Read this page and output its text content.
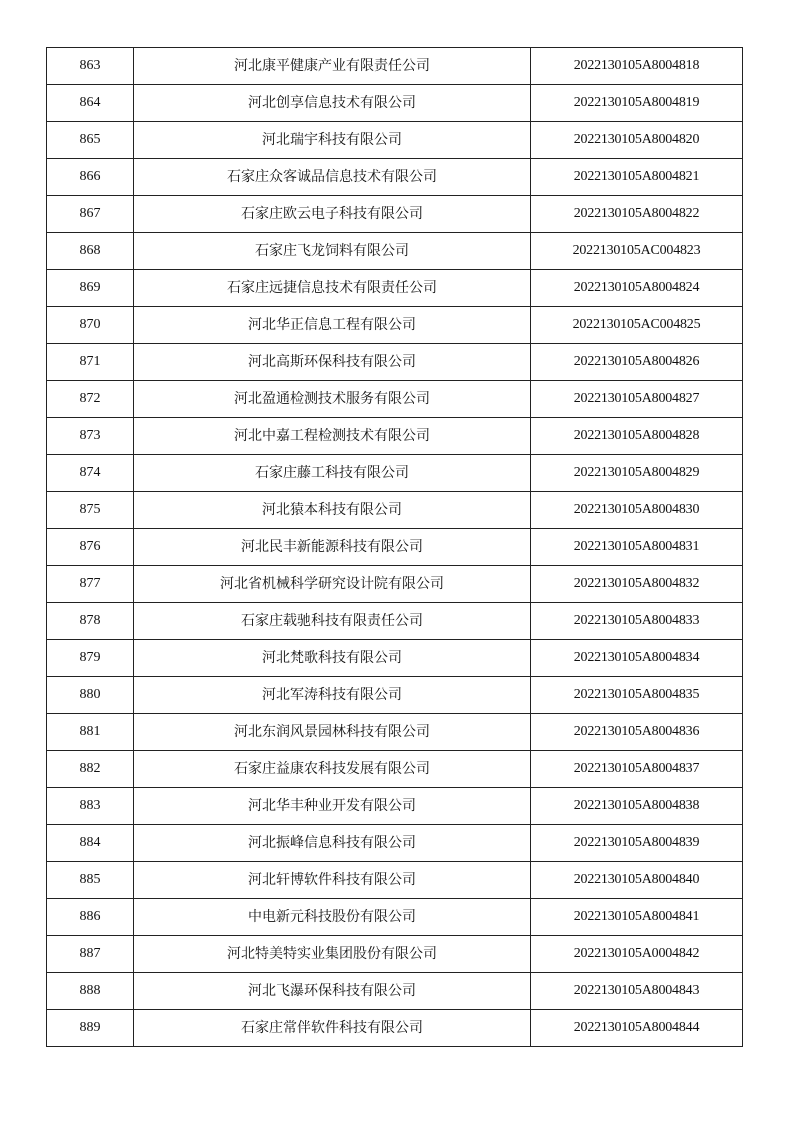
863	河北康平健康产业有限责任公司	2022130105A8004818
864	河北创享信息技术有限公司	2022130105A8004819
865	河北瑞宇科技有限公司	2022130105A8004820
866	石家庄众客诚品信息技术有限公司	2022130105A8004821
867	石家庄欧云电子科技有限公司	2022130105A8004822
868	石家庄飞龙饲料有限公司	2022130105AC004823
869	石家庄远捷信息技术有限责任公司	2022130105A8004824
870	河北华正信息工程有限公司	2022130105AC004825
871	河北高斯环保科技有限公司	2022130105A8004826
872	河北盈通检测技术服务有限公司	2022130105A8004827
873	河北中嘉工程检测技术有限公司	2022130105A8004828
874	石家庄藤工科技有限公司	2022130105A8004829
875	河北猿本科技有限公司	2022130105A8004830
876	河北民丰新能源科技有限公司	2022130105A8004831
877	河北省机械科学研究设计院有限公司	2022130105A8004832
878	石家庄载驰科技有限责任公司	2022130105A8004833
879	河北梵歌科技有限公司	2022130105A8004834
880	河北军涛科技有限公司	2022130105A8004835
881	河北东润风景园林科技有限公司	2022130105A8004836
882	石家庄益康农科技发展有限公司	2022130105A8004837
883	河北华丰种业开发有限公司	2022130105A8004838
884	河北振峰信息科技有限公司	2022130105A8004839
885	河北轩博软件科技有限公司	2022130105A8004840
886	中电新元科技股份有限公司	2022130105A8004841
887	河北特美特实业集团股份有限公司	2022130105A0004842
888	河北飞瀑环保科技有限公司	2022130105A8004843
889	石家庄常伴软件科技有限公司	2022130105A8004844
